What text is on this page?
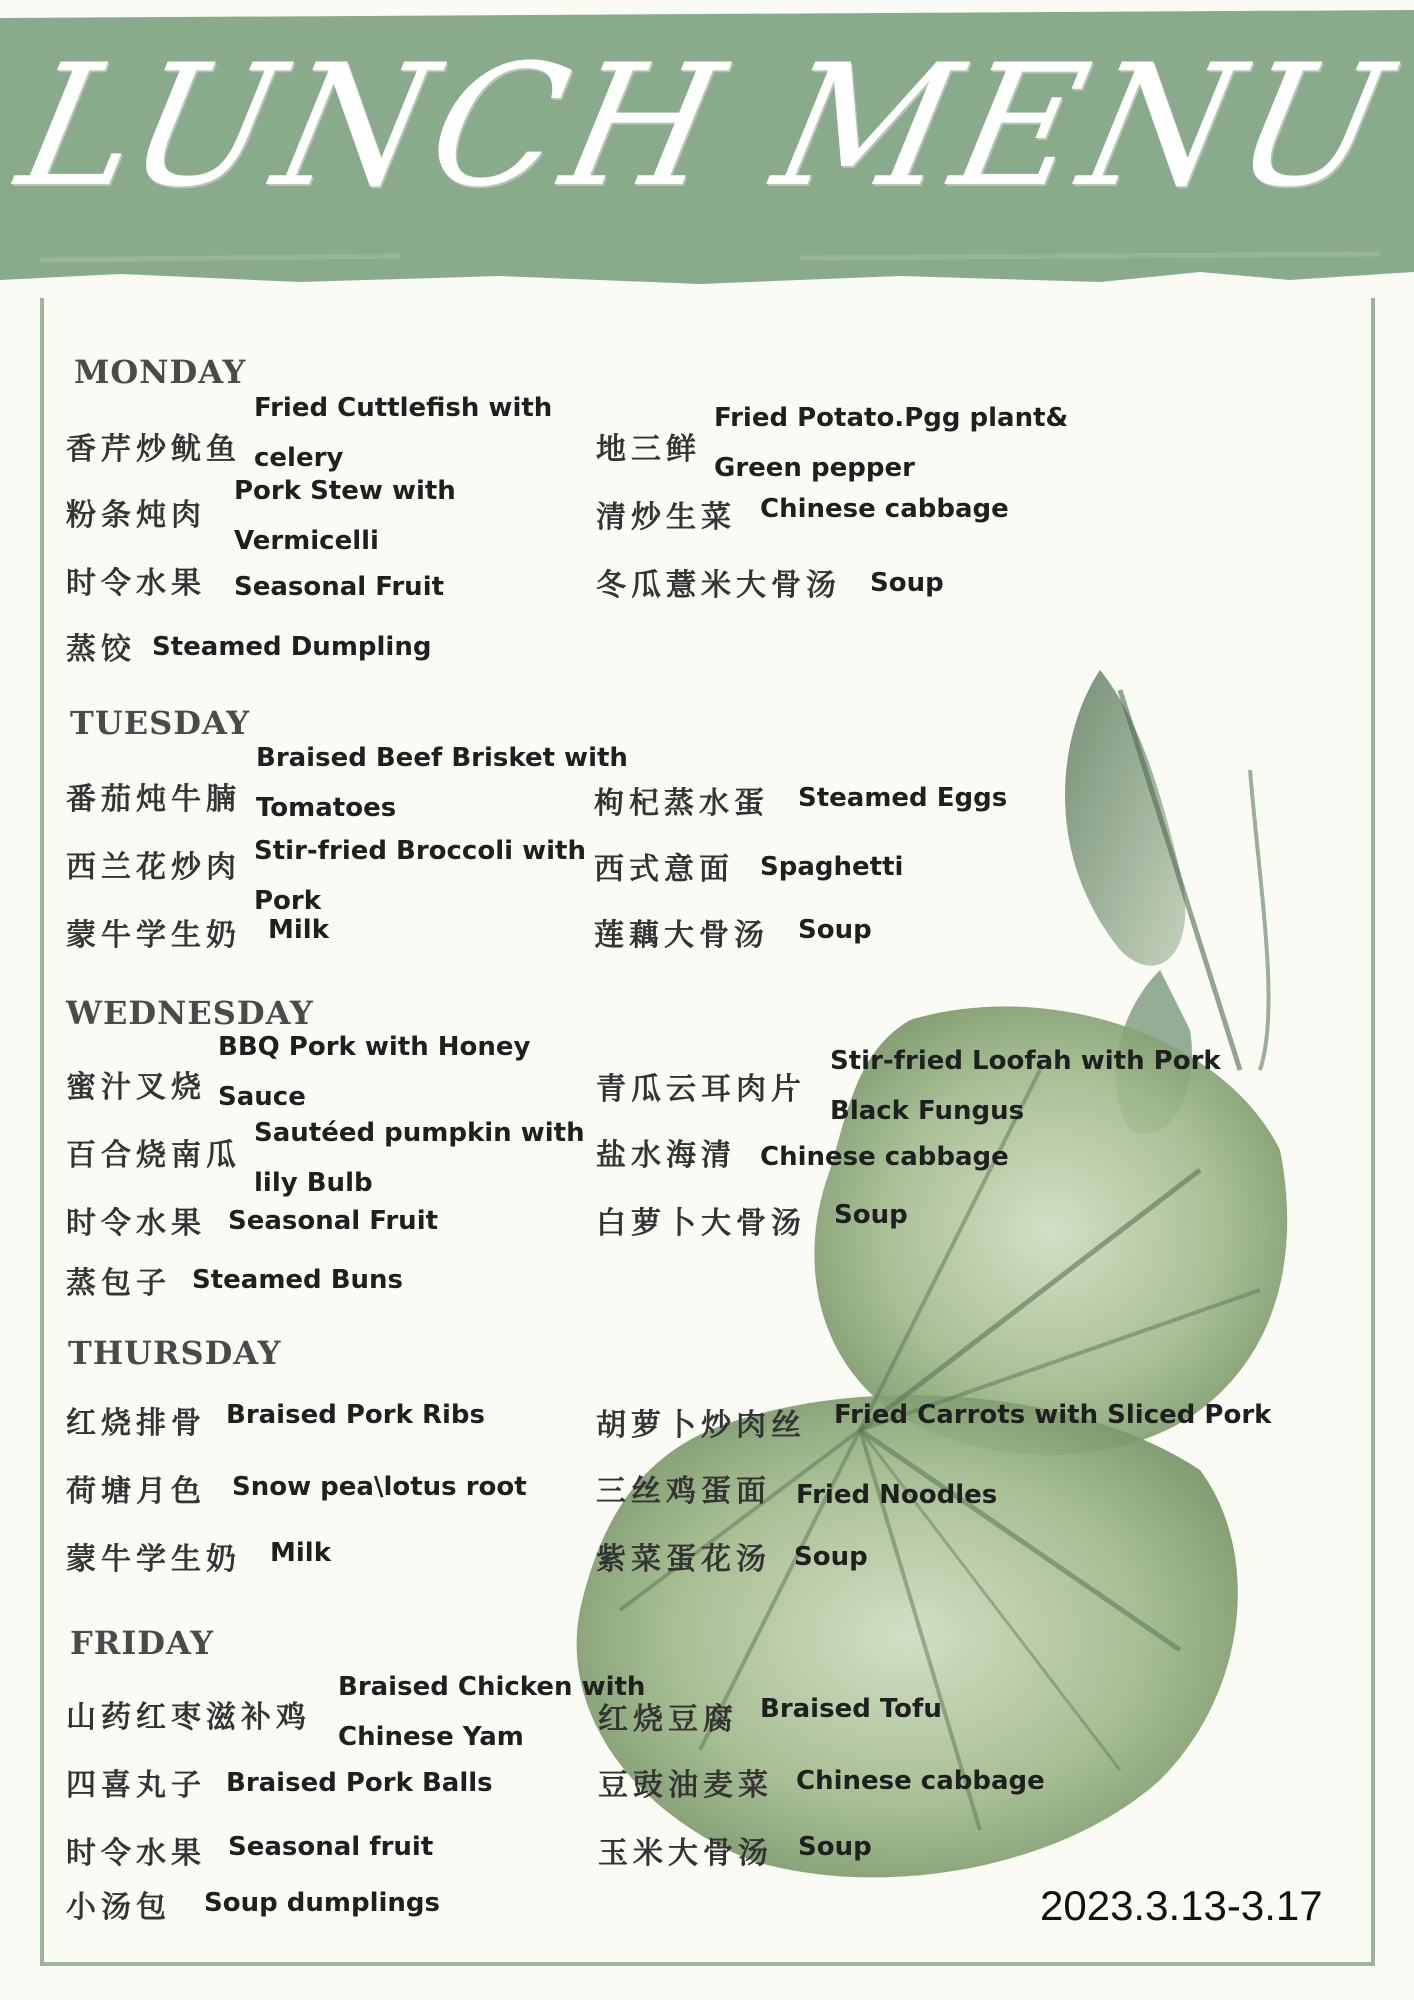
LUNCH MENU
MONDAY
香芹炒鱿鱼
Fried Cuttlefish with celery
粉条炖肉
Pork Stew with Vermicelli
时令水果 Seasonal Fruit
蒸饺 Steamed Dumpling
地三鲜
Fried Potato.Pgg plant& Green pepper
清炒生菜 Chinese cabbage
冬瓜薏米大骨汤 Soup
TUESDAY
番茄炖牛腩
Braised Beef Brisket with Tomatoes
西兰花炒肉 Stir-fried Broccoli with Pork
蒙牛学生奶 Milk
枸杞蒸水蛋 Steamed Eggs
西式意面 Spaghetti
莲藕大骨汤 Soup
WEDNESDAY
蜜汁叉烧
BBQ Pork with Honey Sauce
百合烧南瓜
Sautéed pumpkin with lily Bulb
时令水果 Seasonal Fruit
蒸包子 Steamed Buns
青瓜云耳肉片
Stir-fried Loofah with Pork Black Fungus
盐水海清 Chinese cabbage
白萝卜大骨汤 Soup
THURSDAY
红烧排骨 Braised Pork Ribs
荷塘月色 Snow pea\lotus root
蒙牛学生奶 Milk
胡萝卜炒肉丝 Fried Carrots with Sliced Pork
三丝鸡蛋面 Fried Noodles
紫菜蛋花汤 Soup
FRIDAY
山药红枣滋补鸡
Braised Chicken with Chinese Yam
四喜丸子 Braised Pork Balls
时令水果 Seasonal fruit
小汤包 Soup dumplings
红烧豆腐 Braised Tofu
豆豉油麦菜 Chinese cabbage
玉米大骨汤 Soup
2023.3.13-3.17
